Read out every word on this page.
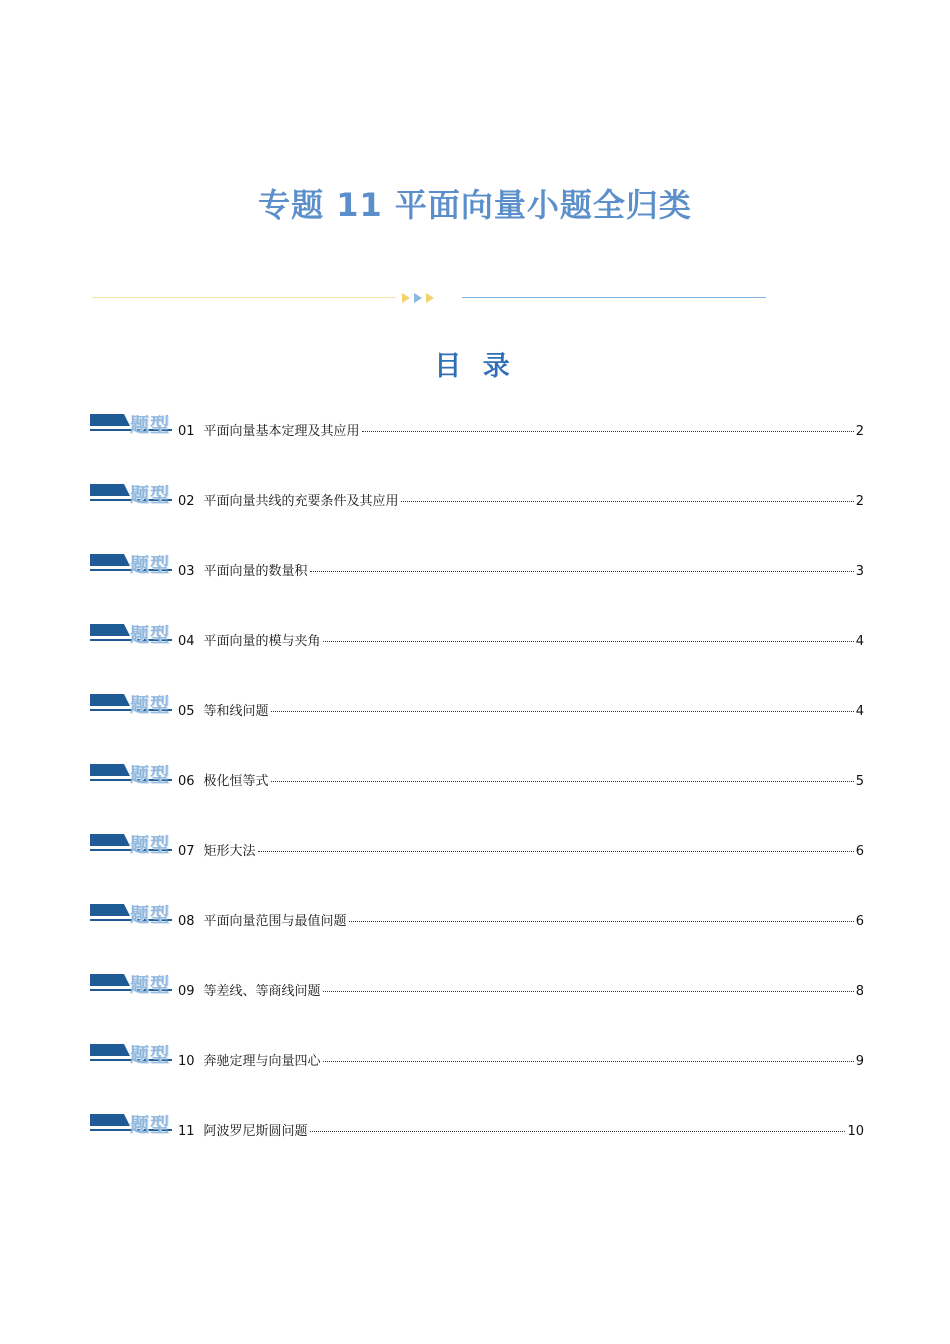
专题 11 平面向量小题全归类
目 录
题型 01 平面向量基本定理及其应用	2
题型 02 平面向量共线的充要条件及其应用	2
题型 03 平面向量的数量积	3
题型 04 平面向量的模与夹角	4
题型 05 等和线问题	4
题型 06 极化恒等式	5
题型 07 矩形大法	6
题型 08 平面向量范围与最值问题	6
题型 09 等差线、等商线问题	8
题型 10 奔驰定理与向量四心	9
题型 11 阿波罗尼斯圆问题	10
